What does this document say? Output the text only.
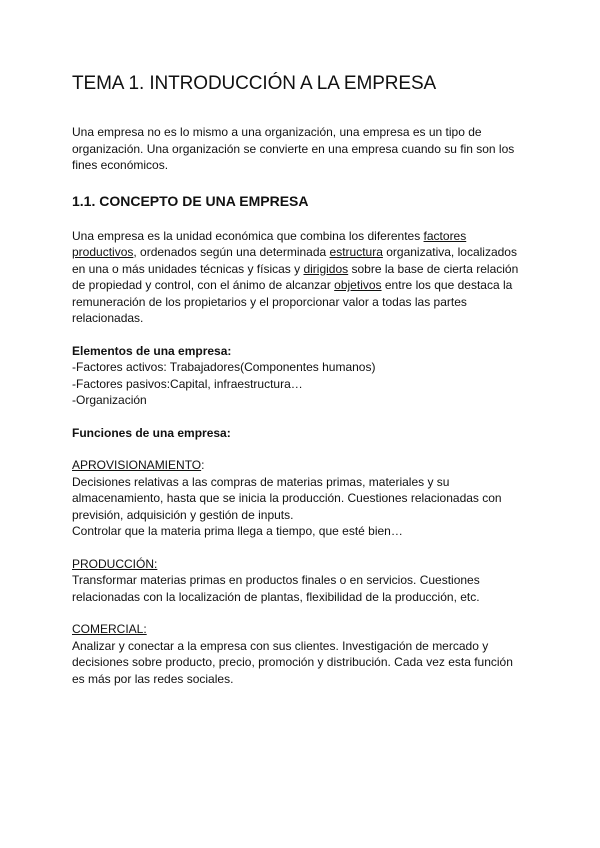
TEMA 1. INTRODUCCIÓN A LA EMPRESA

Una empresa no es lo mismo a una organización, una empresa es un tipo de
organización. Una organización se convierte en una empresa cuando su fin son los
fines económicos.

1.1. CONCEPTO DE UNA EMPRESA

Una empresa es la unidad económica que combina los diferentes factores
productivos, ordenados según una determinada estructura organizativa, localizados
en una o más unidades técnicas y físicas y dirigidos sobre la base de cierta relación
de propiedad y control, con el ánimo de alcanzar objetivos entre los que destaca la
remuneración de los propietarios y el proporcionar valor a todas las partes
relacionadas.

Elementos de una empresa:

-Factores activos: Trabajadores(Componentes humanos)
-Factores pasivos:Capital, infraestructura…
-Organización

Funciones de una empresa:

APROVISIONAMIENTO:

Decisiones relativas a las compras de materias primas, materiales y su
almacenamiento, hasta que se inicia la producción. Cuestiones relacionadas con
previsión, adquisición y gestión de inputs.
Controlar que la materia prima llega a tiempo, que esté bien…

PRODUCCIÓN:

Transformar materias primas en productos finales o en servicios. Cuestiones
relacionadas con la localización de plantas, flexibilidad de la producción, etc.

COMERCIAL:

Analizar y conectar a la empresa con sus clientes. Investigación de mercado y
decisiones sobre producto, precio, promoción y distribución. Cada vez esta función
es más por las redes sociales.
